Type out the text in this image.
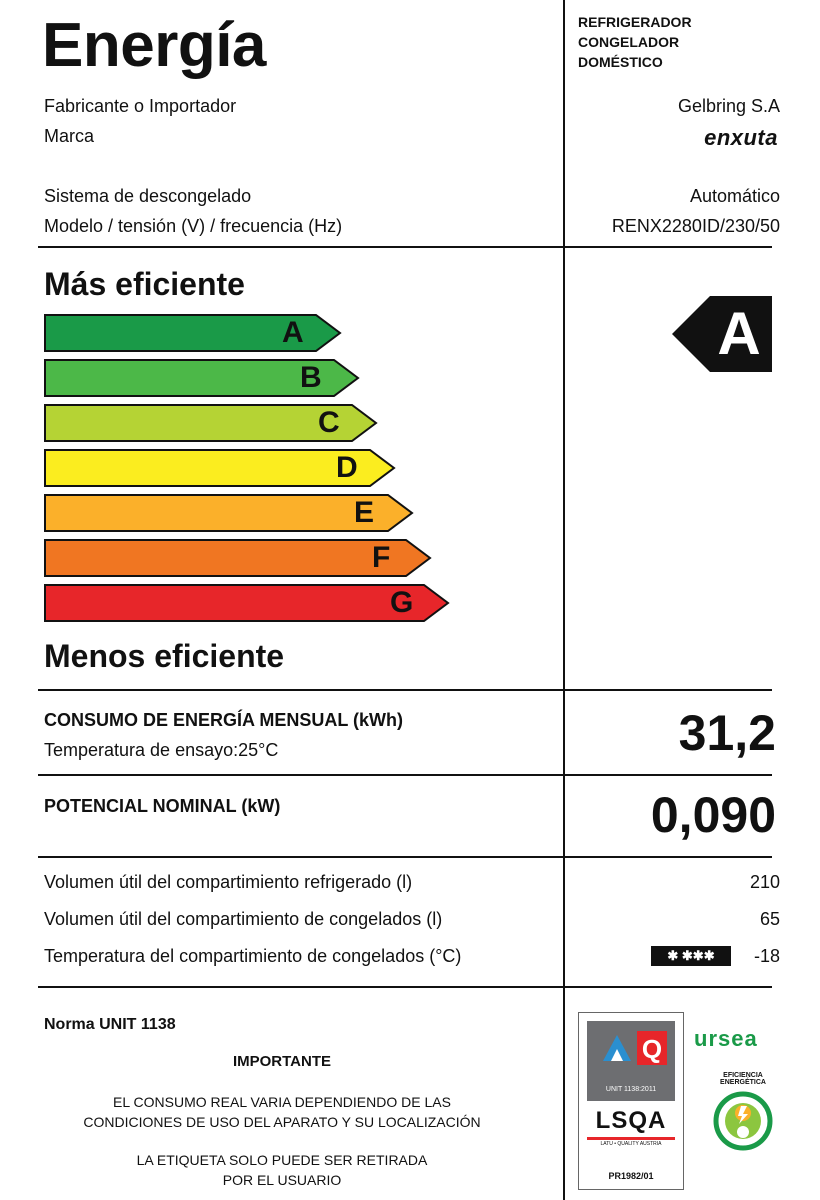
Energía	REFRIGERADOR
CONGELADOR
DOMÉSTICO
Fabricante o Importador	Gelbring S.A
Marca	enxuta
Sistema de descongelado	Automático
Modelo / tensión (V) / frecuencia (Hz)	RENX2280ID/230/50
Más eficiente
A
B
C
D
E
F
G
Menos eficiente
A
CONSUMO DE ENERGÍA MENSUAL (kWh)
Temperatura de ensayo:25°C	31,2
POTENCIAL NOMINAL (kW)	0,090
Volumen útil del compartimiento refrigerado (l)	210
Volumen útil del compartimiento de congelados (l)	65
Temperatura del compartimiento de congelados (°C)	✱ ✱✱✱	-18
Norma UNIT 1138
IMPORTANTE
EL CONSUMO REAL VARIA DEPENDIENDO DE LAS
CONDICIONES DE USO DEL APARATO Y SU LOCALIZACIÓN
LA ETIQUETA SOLO PUEDE SER RETIRADA
POR EL USUARIO
Q
UNIT 1138:2011
LSQA
LATU • QUALITY AUSTRIA
PR1982/01
ursea
EFICIENCIA ENERGÉTICA
